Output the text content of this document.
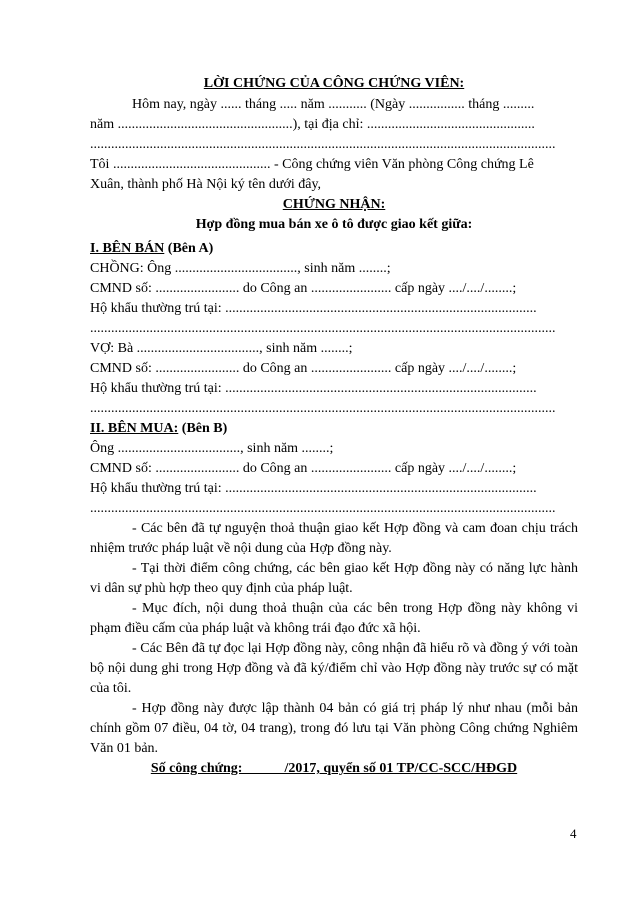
LỜI CHỨNG CỦA CÔNG CHỨNG VIÊN:
Hôm nay, ngày ...... tháng ..... năm ........... (Ngày ................ tháng .........
năm ..................................................), tại địa chỉ: ................................................
.....................................................................................................................................
Tôi ............................................. - Công chứng viên Văn phòng Công chứng Lê
Xuân, thành phố Hà Nội ký tên dưới đây,
CHỨNG NHẬN:
Hợp đồng mua bán xe ô tô được giao kết giữa:
I. BÊN BÁN (Bên A)
CHỒNG: Ông ..................................., sinh năm ........;
CMND số: ........................ do Công an ....................... cấp ngày ..../..../........;
Hộ khẩu thường trú tại: .........................................................................................
.....................................................................................................................................
VỢ: Bà ..................................., sinh năm ........;
CMND số: ........................ do Công an ....................... cấp ngày ..../..../........;
Hộ khẩu thường trú tại: .........................................................................................
.....................................................................................................................................
II. BÊN MUA: (Bên B)
Ông ..................................., sinh năm ........;
CMND số: ........................ do Công an ....................... cấp ngày ..../..../........;
Hộ khẩu thường trú tại: .........................................................................................
.....................................................................................................................................
- Các bên đã tự nguyện thoả thuận giao kết Hợp đồng và cam đoan chịu trách nhiệm trước pháp luật về nội dung của Hợp đồng này.
- Tại thời điểm công chứng, các bên giao kết Hợp đồng này có năng lực hành vi dân sự phù hợp theo quy định của pháp luật.
- Mục đích, nội dung thoả thuận của các bên trong Hợp đồng này không vi phạm điều cấm của pháp luật và không trái đạo đức xã hội.
- Các Bên đã tự đọc lại Hợp đồng này, công nhận đã hiểu rõ và đồng ý với toàn bộ nội dung ghi trong Hợp đồng và đã ký/điểm chỉ vào Hợp đồng này trước sự có mặt của tôi.
- Hợp đồng này được lập thành 04 bản có giá trị pháp lý như nhau (mỗi bản chính gồm 07 điều, 04 tờ, 04 trang), trong đó lưu tại Văn phòng Công chứng Nghiêm Văn 01 bản.
Số công chứng:            /2017, quyển số 01 TP/CC-SCC/HĐGD
4
